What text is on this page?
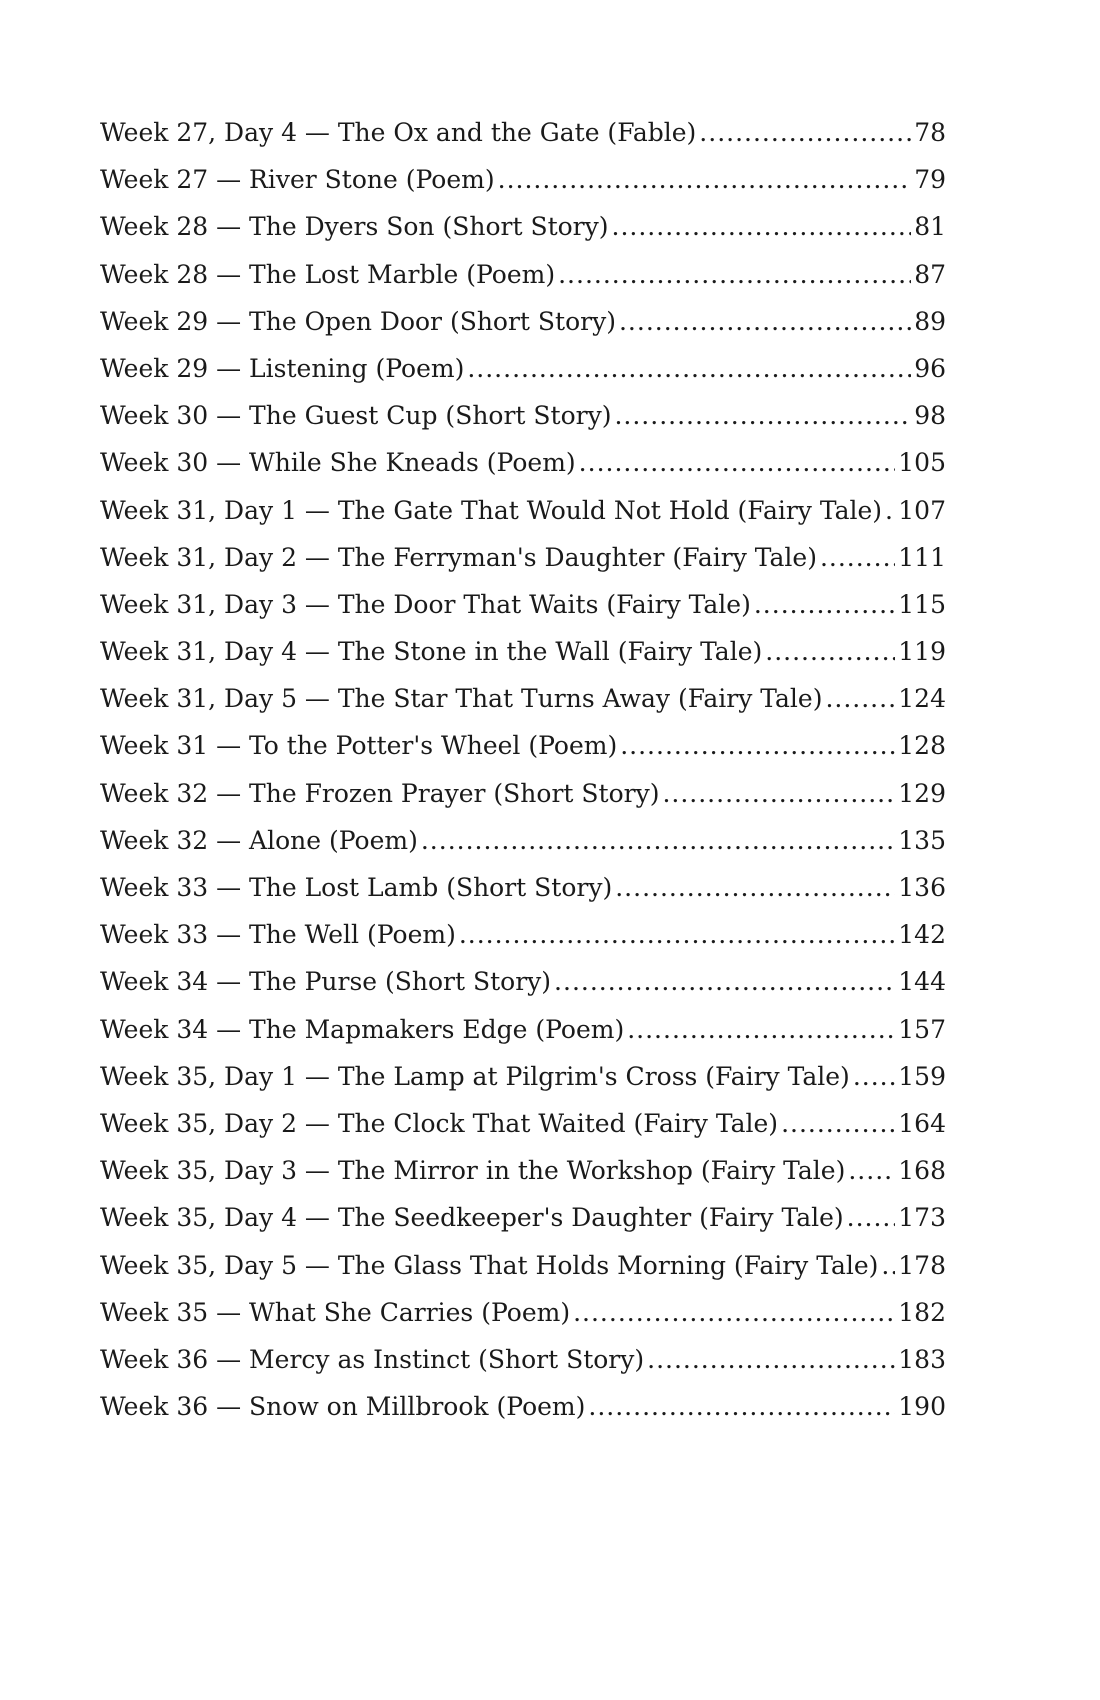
Week 27, Day 4 — The Ox and the Gate (Fable) .....	78
Week 27 — River Stone (Poem) .....	79
Week 28 — The Dyers Son (Short Story) .....	81
Week 28 — The Lost Marble (Poem) .....	87
Week 29 — The Open Door (Short Story) .....	89
Week 29 — Listening (Poem) .....	96
Week 30 — The Guest Cup (Short Story) .....	98
Week 30 — While She Kneads (Poem) .....	105
Week 31, Day 1 — The Gate That Would Not Hold (Fairy Tale) ..... 107
Week 31, Day 2 — The Ferryman's Daughter (Fairy Tale) .....	111
Week 31, Day 3 — The Door That Waits (Fairy Tale) .....	115
Week 31, Day 4 — The Stone in the Wall (Fairy Tale) .....	119
Week 31, Day 5 — The Star That Turns Away (Fairy Tale) .....	124
Week 31 — To the Potter's Wheel (Poem) .....	128
Week 32 — The Frozen Prayer (Short Story) .....	129
Week 32 — Alone (Poem) .....	135
Week 33 — The Lost Lamb (Short Story) .....	136
Week 33 — The Well (Poem) .....	142
Week 34 — The Purse (Short Story) .....	144
Week 34 — The Mapmakers Edge (Poem) .....	157
Week 35, Day 1 — The Lamp at Pilgrim's Cross (Fairy Tale) ..... 159
Week 35, Day 2 — The Clock That Waited (Fairy Tale) .....	164
Week 35, Day 3 — The Mirror in the Workshop (Fairy Tale) ..... 168
Week 35, Day 4 — The Seedkeeper's Daughter (Fairy Tale) ..... 173
Week 35, Day 5 — The Glass That Holds Morning (Fairy Tale) ..... 178
Week 35 — What She Carries (Poem) .....	182
Week 36 — Mercy as Instinct (Short Story) .....	183
Week 36 — Snow on Millbrook (Poem) .....	190
